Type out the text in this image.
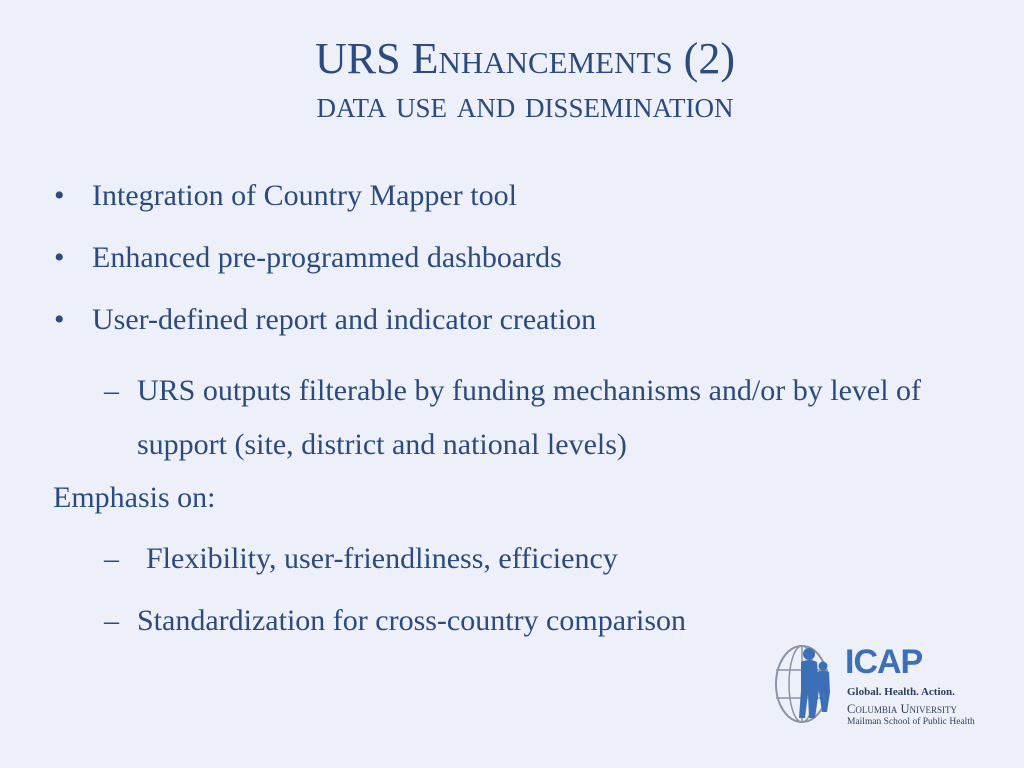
URS Enhancements (2)
data use and dissemination
• Integration of Country Mapper tool
• Enhanced pre-programmed dashboards
• User-defined report and indicator creation
– URS outputs filterable by funding mechanisms and/or by level of support (site, district and national levels)
Emphasis on:
– Flexibility, user-friendliness, efficiency
– Standardization for cross-country comparison
ICAP
Global. Health. Action.
Columbia University
Mailman School of Public Health
